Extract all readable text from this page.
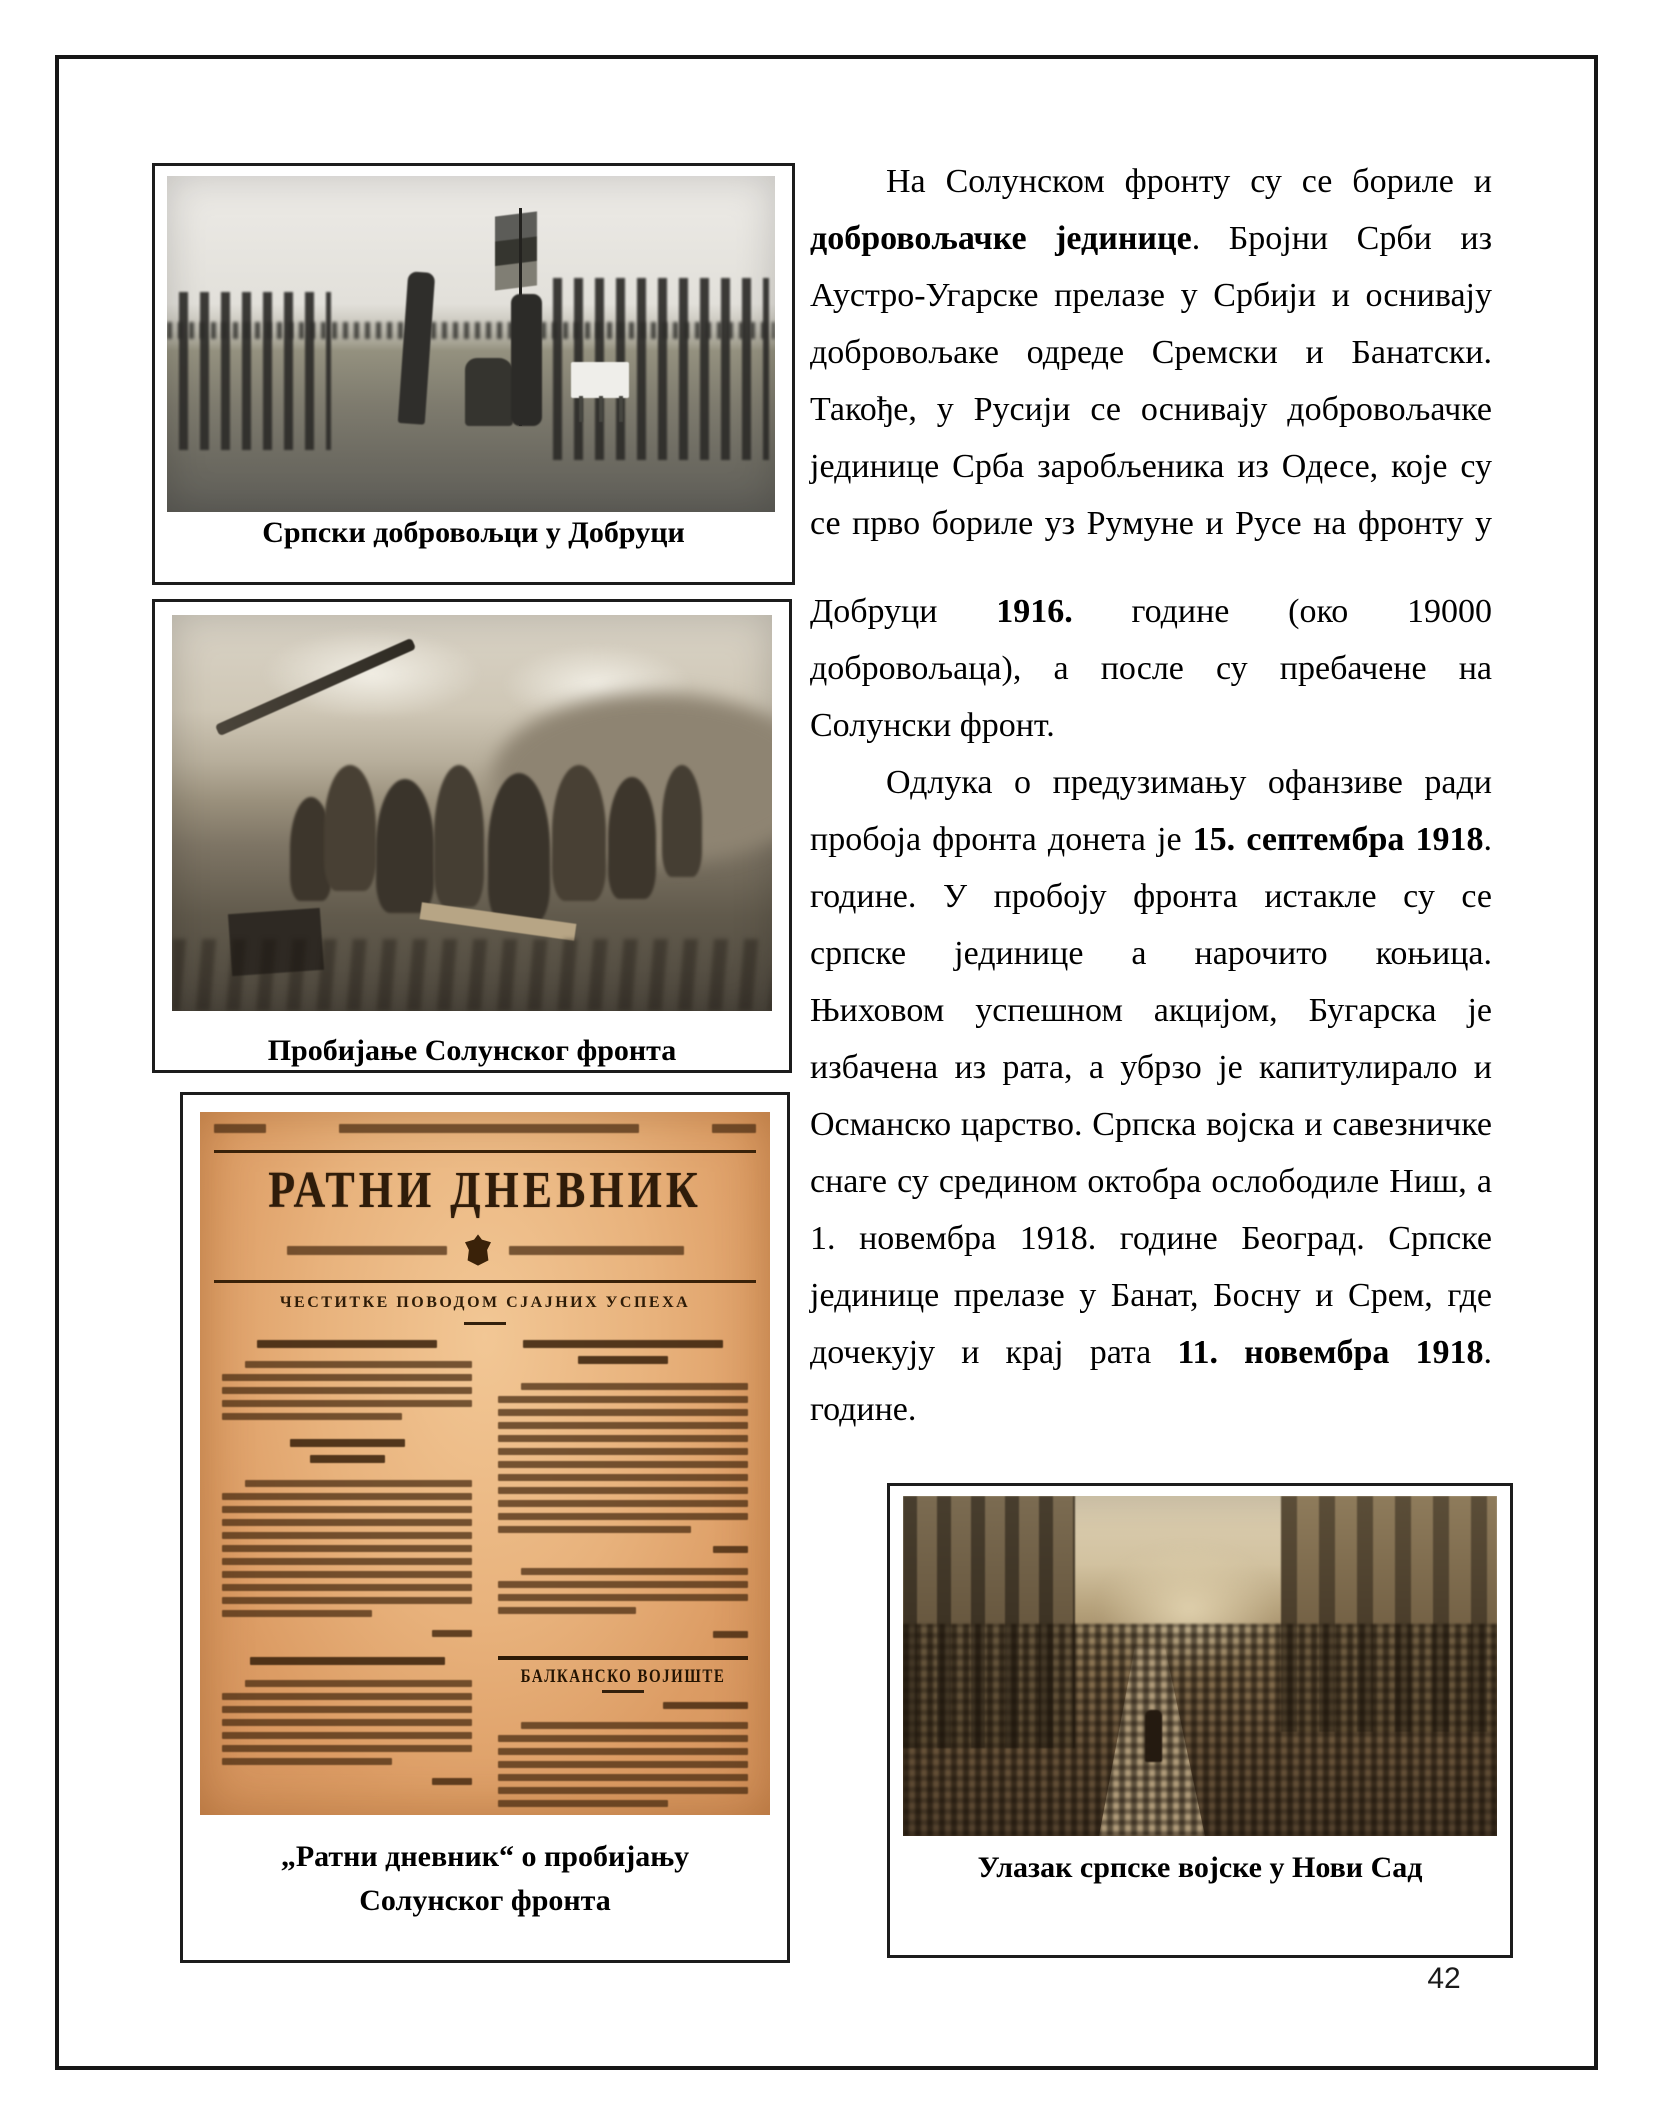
Српски добровољци у Добруци
Пробијање Солунског фронта
РАТНИ ДНЕВНИК
ЧЕСТИТКЕ ПОВОДОМ СЈАЈНИХ УСПЕХА
БАЛКАНСКО ВОЈИШТЕ
„Ратни дневник“ о пробијању
Солунског фронта
Улазак српске војске у Нови Сад
На Солунском фронту су се бориле и
добровољачке јединице. Бројни Срби из
Аустро-Угарске прелазе у Србији и оснивају
добровољаке одреде Сремски и Банатски.
Такође, у Русији се оснивају добровољачке
јединице Срба заробљеника из Одесе, које су
се прво бориле уз Румуне и Русе на фронту у
Добруци 1916. године (око 19000
добровољаца), а после су пребачене на
Солунски фронт.
Одлука о предузимању офанзиве ради
пробоја фронта донета је 15. септембра 1918.
године. У пробоју фронта истакле су се
српске јединице а нарочито коњица.
Њиховом успешном акцијом, Бугарска је
избачена из рата, а убрзо је капитулирало и
Османско царство. Српска војска и савезничке
снаге су средином октобра ослободиле Ниш, а
1. новембра 1918. године Београд. Српске
јединице прелазе у Банат, Босну и Срем, где
дочекују и крај рата 11. новембра 1918.
године.
42
